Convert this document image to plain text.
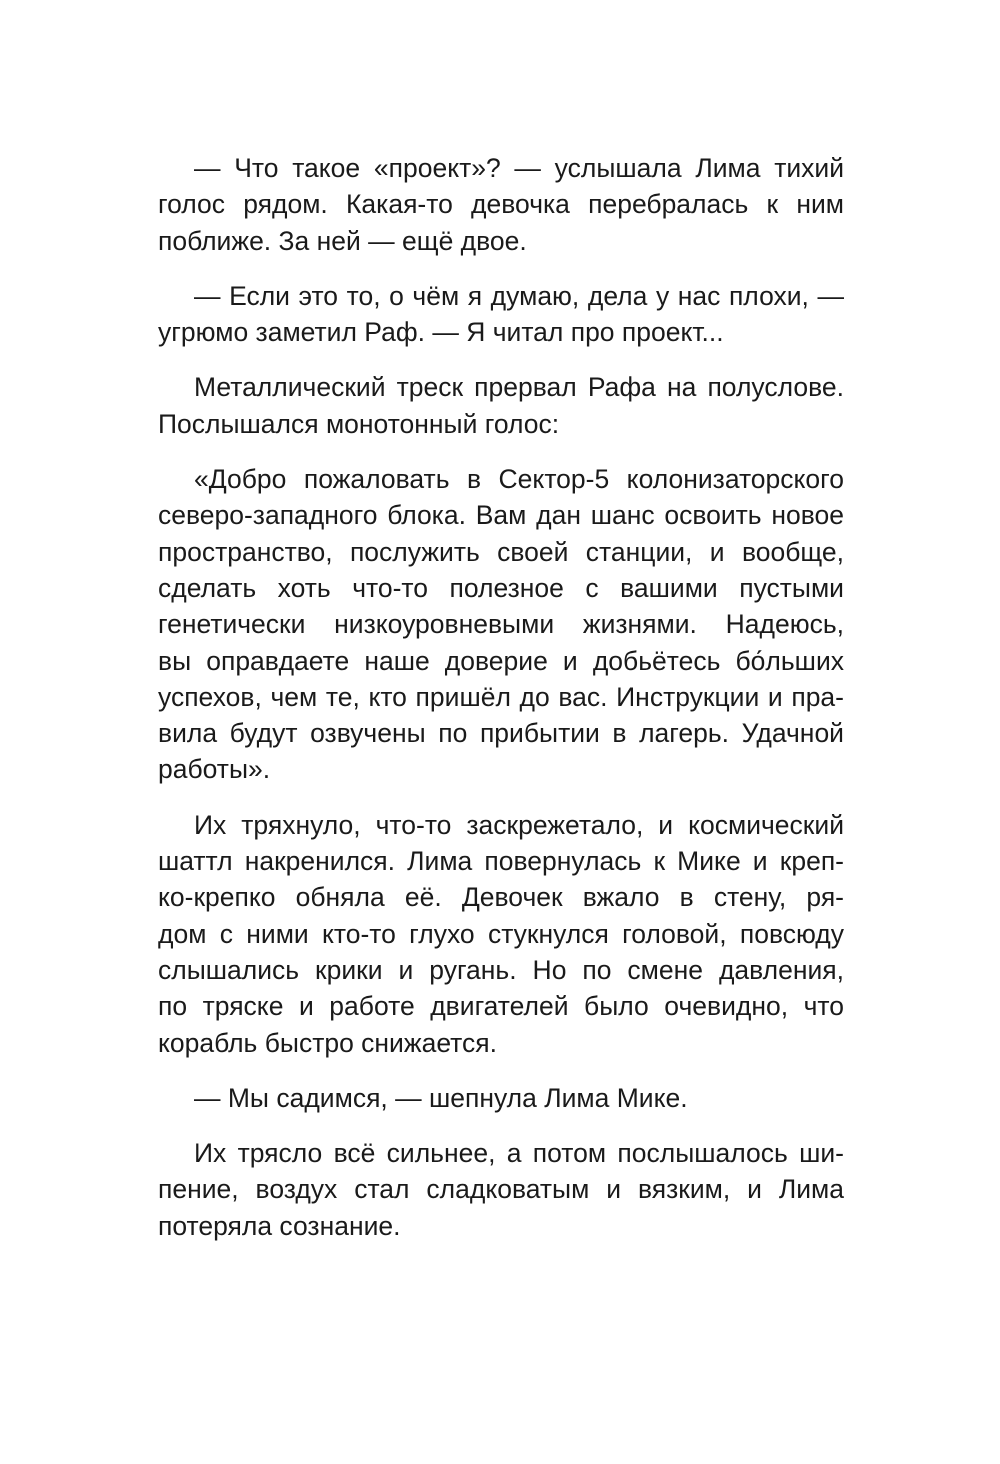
— Что такое «проект»? — услышала Лима тихий
голос рядом. Какая-то девочка перебралась к ним
поближе. За ней — ещё двое.

— Если это то, о чём я думаю, дела у нас плохи, —
угрюмо заметил Раф. — Я читал про проект...

Металлический треск прервал Рафа на полуслове.
Послышался монотонный голос:

«Добро пожаловать в Сектор-5 колонизаторского
северо-западного блока. Вам дан шанс освоить новое
пространство, послужить своей станции, и вообще,
сделать хоть что-то полезное с вашими пустыми
генетически низкоуровневыми жизнями. Надеюсь,
вы оправдаете наше доверие и добьётесь бо́льших
успехов, чем те, кто пришёл до вас. Инструкции и пра-
вила будут озвучены по прибытии в лагерь. Удачной
работы».

Их тряхнуло, что-то заскрежетало, и космический
шаттл накренился. Лима повернулась к Мике и креп-
ко-крепко обняла её. Девочек вжало в стену, ря-
дом с ними кто-то глухо стукнулся головой, повсюду
слышались крики и ругань. Но по смене давления,
по тряске и работе двигателей было очевидно, что
корабль быстро снижается.

— Мы садимся, — шепнула Лима Мике.

Их трясло всё сильнее, а потом послышалось ши-
пение, воздух стал сладковатым и вязким, и Лима
потеряла сознание.
